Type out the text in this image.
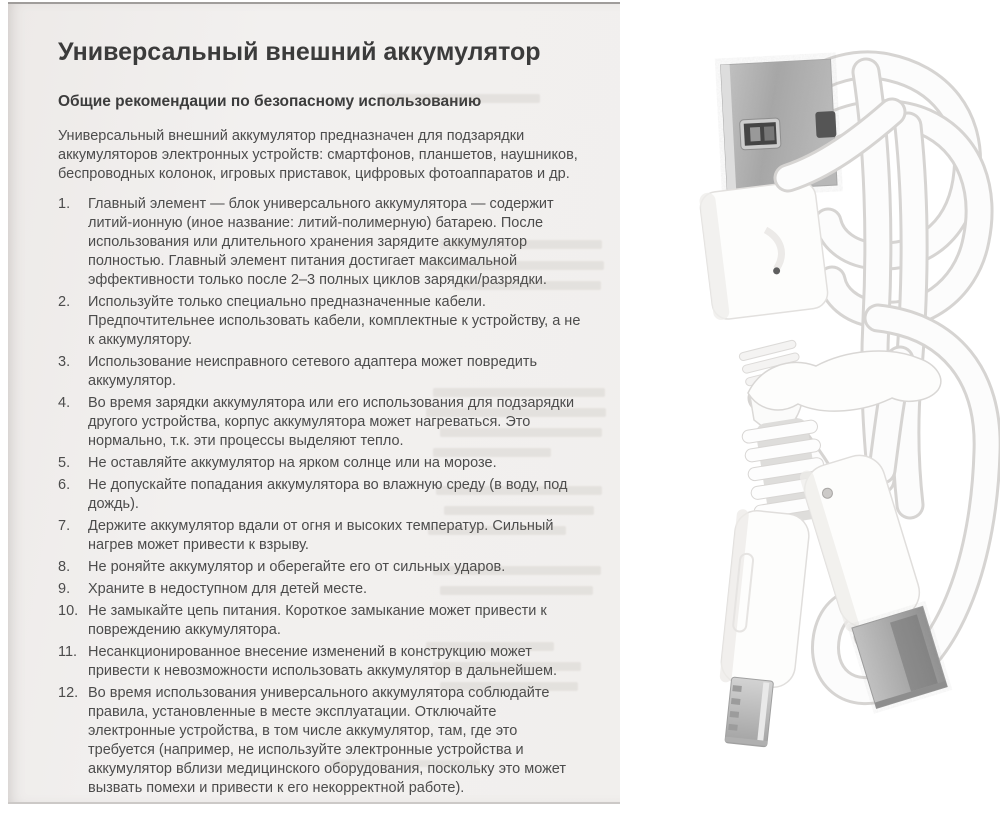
Универсальный внешний аккумулятор
Общие рекомендации по безопасному использованию

Универсальный внешний аккумулятор предназначен для подзарядки аккумуляторов электронных устройств: смартфонов, планшетов, наушников, беспроводных колонок, игровых приставок, цифровых фотоаппаратов и др.

1.	Главный элемент — блок универсального аккумулятора — содержит литий-ионную (иное название: литий-полимерную) батарею. После использования или длительного хранения зарядите аккумулятор полностью. Главный элемент питания достигает максимальной эффективности только после 2–3 полных циклов зарядки/разрядки.
2.	Используйте только специально предназначенные кабели. Предпочтительнее использовать кабели, комплектные к устройству, а не к аккумулятору.
3.	Использование неисправного сетевого адаптера может повредить аккумулятор.
4.	Во время зарядки аккумулятора или его использования для подзарядки другого устройства, корпус аккумулятора может нагреваться. Это нормально, т.к. эти процессы выделяют тепло.
5.	Не оставляйте аккумулятор на ярком солнце или на морозе.
6.	Не допускайте попадания аккумулятора во влажную среду (в воду, под дождь).
7.	Держите аккумулятор вдали от огня и высоких температур. Сильный нагрев может привести к взрыву.
8.	Не роняйте аккумулятор и оберегайте его от сильных ударов.
9.	Храните в недоступном для детей месте.
10. Не замыкайте цепь питания. Короткое замыкание может привести к повреждению аккумулятора.
11. Несанкционированное внесение изменений в конструкцию может привести к невозможности использовать аккумулятор в дальнейшем.
12. Во время использования универсального аккумулятора соблюдайте правила, установленные в месте эксплуатации. Отключайте электронные устройства, в том числе аккумулятор, там, где это требуется (например, не используйте электронные устройства и аккумулятор вблизи медицинского оборудования, поскольку это может вызвать помехи и привести к его некорректной работе).
